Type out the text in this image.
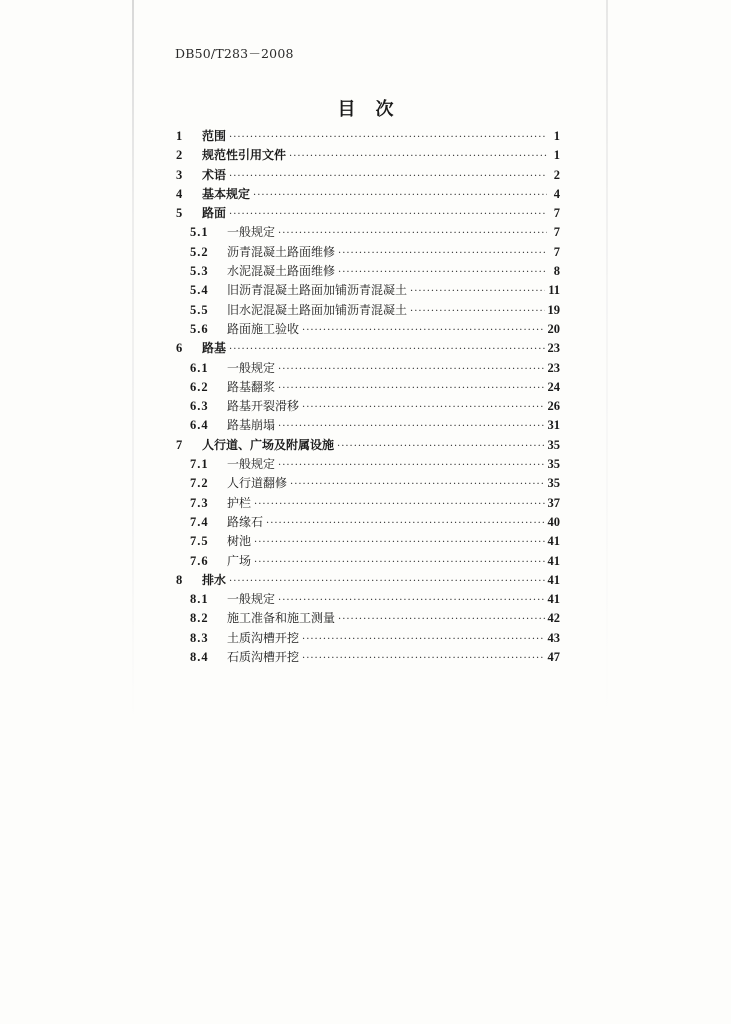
DB50/T283－2008
目次
1	范围 ·····	1
2	规范性引用文件 ·····	1
3	术语 ·····	2
4	基本规定 ·····	4
5	路面 ·····	7
5.1	一般规定 ·····	7
5.2	沥青混凝土路面维修 ·····	7
5.3	水泥混凝土路面维修 ·····	8
5.4	旧沥青混凝土路面加铺沥青混凝土 ·····	11
5.5	旧水泥混凝土路面加铺沥青混凝土 ·····	19
5.6	路面施工验收 ·····	20
6	路基 ·····	23
6.1	一般规定 ·····	23
6.2	路基翻浆 ·····	24
6.3	路基开裂滑移 ·····	26
6.4	路基崩塌 ·····	31
7	人行道、广场及附属设施 ·····	35
7.1	一般规定 ·····	35
7.2	人行道翻修 ·····	35
7.3	护栏 ·····	37
7.4	路缘石 ·····	40
7.5	树池 ·····	41
7.6	广场 ·····	41
8	排水 ·····	41
8.1	一般规定 ·····	41
8.2	施工准备和施工测量 ·····	42
8.3	土质沟槽开挖 ·····	43
8.4	石质沟槽开挖 ·····	47
